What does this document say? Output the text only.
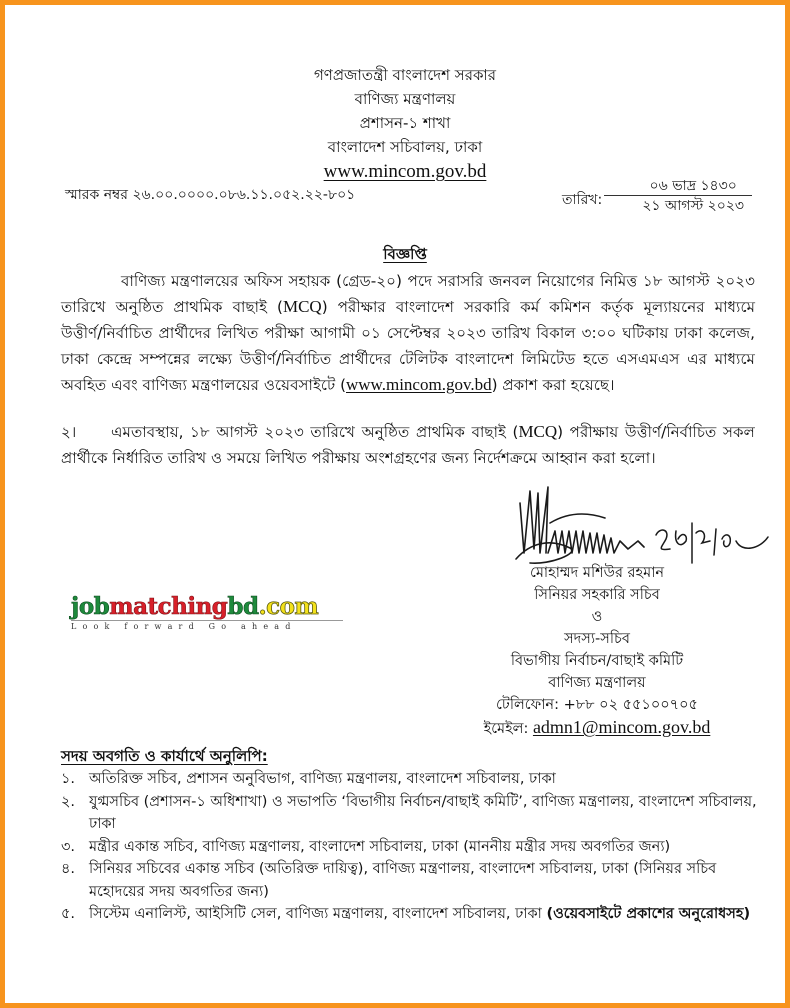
গণপ্রজাতন্ত্রী বাংলাদেশ সরকার
বাণিজ্য মন্ত্রণালয়
প্রশাসন-১ শাখা
বাংলাদেশ সচিবালয়, ঢাকা
www.mincom.gov.bd
স্মারক নম্বর ২৬.০০.০০০০.০৮৬.১১.০৫২.২২-৮০১	তারিখ:
০৬ ভাদ্র ১৪৩০
২১ আগস্ট ২০২৩
বিজ্ঞপ্তি
বাণিজ্য মন্ত্রণালয়ের অফিস সহায়ক (গ্রেড-২০) পদে সরাসরি জনবল নিয়োগের নিমিত্ত ১৮ আগস্ট ২০২৩
তারিখে অনুষ্ঠিত প্রাথমিক বাছাই (MCQ) পরীক্ষার বাংলাদেশ সরকারি কর্ম কমিশন কর্তৃক মূল্যায়নের মাধ্যমে
উত্তীর্ণ/নির্বাচিত প্রার্থীদের লিখিত পরীক্ষা আগামী ০১ সেপ্টেম্বর ২০২৩ তারিখ বিকাল ৩:০০ ঘটিকায় ঢাকা কলেজ,
ঢাকা কেন্দ্রে সম্পন্নের লক্ষ্যে উত্তীর্ণ/নির্বাচিত প্রার্থীদের টেলিটক বাংলাদেশ লিমিটেড হতে এসএমএস এর মাধ্যমে
অবহিত এবং বাণিজ্য মন্ত্রণালয়ের ওয়েবসাইটে (www.mincom.gov.bd) প্রকাশ করা হয়েছে।
২। এমতাবস্থায়, ১৮ আগস্ট ২০২৩ তারিখে অনুষ্ঠিত প্রাথমিক বাছাই (MCQ) পরীক্ষায় উত্তীর্ণ/নির্বাচিত সকল
প্রার্থীকে নির্ধারিত তারিখ ও সময়ে লিখিত পরীক্ষায় অংশগ্রহণের জন্য নির্দেশক্রমে আহ্বান করা হলো।
মোহাম্মদ মশিউর রহমান
সিনিয়র সহকারি সচিব
ও
সদস্য-সচিব
বিভাগীয় নির্বাচন/বাছাই কমিটি
বাণিজ্য মন্ত্রণালয়
টেলিফোন: +৮৮ ০২ ৫৫১০০৭০৫
ইমেইল: admn1@mincom.gov.bd
jobmatchingbd.com
Look forward Go ahead
সদয় অবগতি ও কার্যার্থে অনুলিপি:
১. অতিরিক্ত সচিব, প্রশাসন অনুবিভাগ, বাণিজ্য মন্ত্রণালয়, বাংলাদেশ সচিবালয়, ঢাকা
২. যুগ্মসচিব (প্রশাসন-১ অধিশাখা) ও সভাপতি ‘বিভাগীয় নির্বাচন/বাছাই কমিটি’, বাণিজ্য মন্ত্রণালয়, বাংলাদেশ সচিবালয়, ঢাকা
৩. মন্ত্রীর একান্ত সচিব, বাণিজ্য মন্ত্রণালয়, বাংলাদেশ সচিবালয়, ঢাকা (মাননীয় মন্ত্রীর সদয় অবগতির জন্য)
৪. সিনিয়র সচিবের একান্ত সচিব (অতিরিক্ত দায়িত্ব), বাণিজ্য মন্ত্রণালয়, বাংলাদেশ সচিবালয়, ঢাকা (সিনিয়র সচিব মহোদয়ের সদয় অবগতির জন্য)
৫. সিস্টেম এনালিস্ট, আইসিটি সেল, বাণিজ্য মন্ত্রণালয়, বাংলাদেশ সচিবালয়, ঢাকা (ওয়েবসাইটে প্রকাশের অনুরোধসহ)
